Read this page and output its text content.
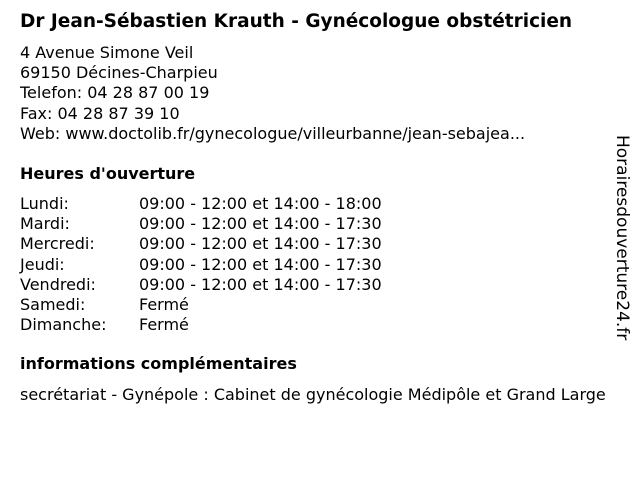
Dr Jean-Sébastien Krauth - Gynécologue obstétricien
4 Avenue Simone Veil
69150 Décines-Charpieu
Telefon: 04 28 87 00 19
Fax: 04 28 87 39 10
Web: www.doctolib.fr/gynecologue/villeurbanne/jean-sebajea...
Heures d'ouverture
Lundi:	09:00 - 12:00 et 14:00 - 18:00
Mardi:	09:00 - 12:00 et 14:00 - 17:30
Mercredi:	09:00 - 12:00 et 14:00 - 17:30
Jeudi:	09:00 - 12:00 et 14:00 - 17:30
Vendredi:	09:00 - 12:00 et 14:00 - 17:30
Samedi:	Fermé
Dimanche: Fermé
informations complémentaires
secrétariat - Gynépole : Cabinet de gynécologie Médipôle et Grand Large
Horairesdouverture24.fr
